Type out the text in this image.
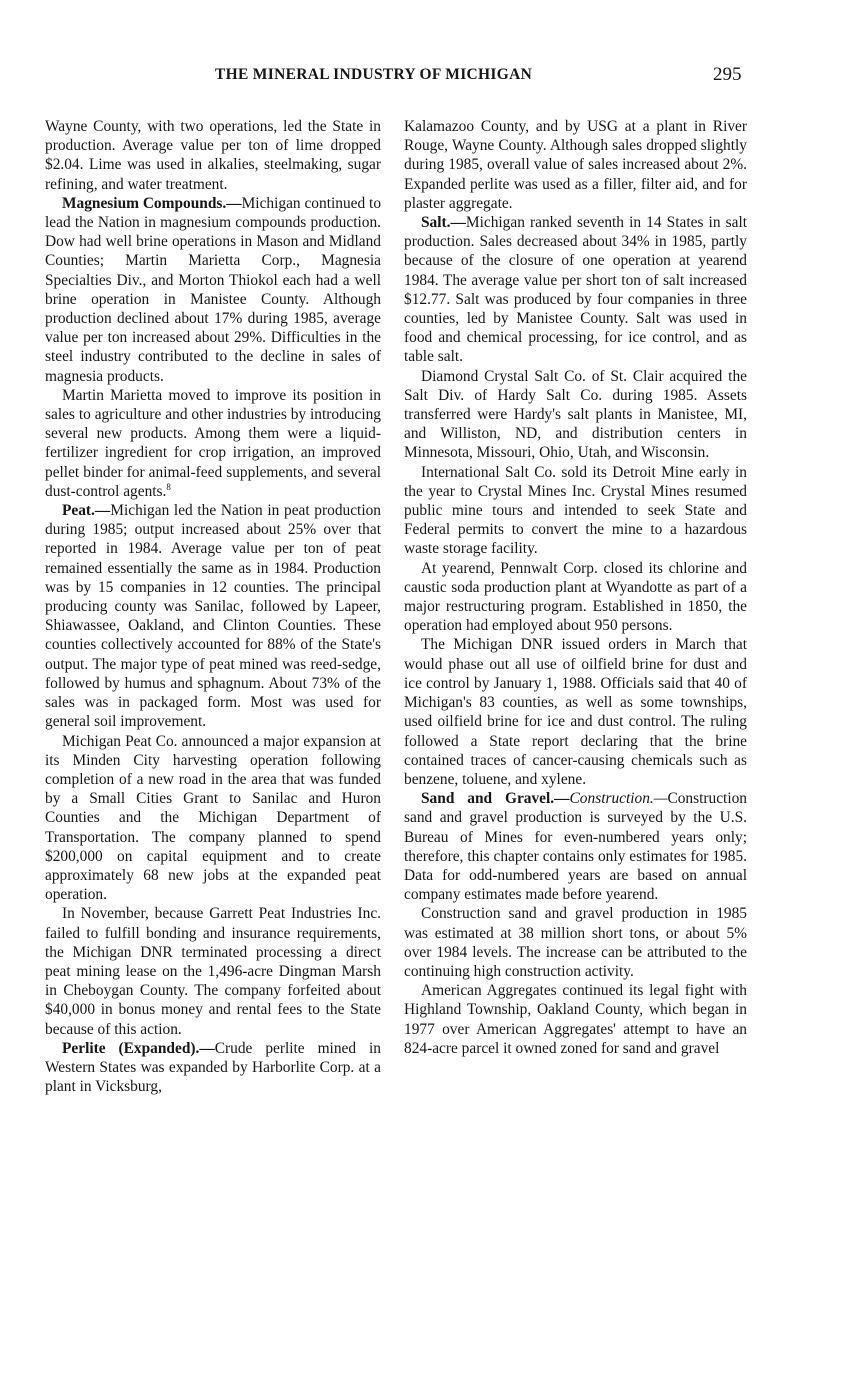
THE MINERAL INDUSTRY OF MICHIGAN	295

Wayne County, with two operations, led the State in production. Average value per ton of lime dropped $2.04. Lime was used in alkalies, steelmaking, sugar refining, and water treatment.

Magnesium Compounds.—Michigan continued to lead the Nation in magnesium compounds production. Dow had well brine operations in Mason and Midland Counties; Martin Marietta Corp., Magnesia Specialties Div., and Morton Thiokol each had a well brine operation in Manistee County. Although production declined about 17% during 1985, average value per ton increased about 29%. Difficulties in the steel industry contributed to the decline in sales of magnesia products.

Martin Marietta moved to improve its position in sales to agriculture and other industries by introducing several new products. Among them were a liquid-fertilizer ingredient for crop irrigation, an improved pellet binder for animal-feed supplements, and several dust-control agents.$^8$

Peat.—Michigan led the Nation in peat production during 1985; output increased about 25% over that reported in 1984. Average value per ton of peat remained essentially the same as in 1984. Production was by 15 companies in 12 counties. The principal producing county was Sanilac, followed by Lapeer, Shiawassee, Oakland, and Clinton Counties. These counties collectively accounted for 88% of the State's output. The major type of peat mined was reed-sedge, followed by humus and sphagnum. About 73% of the sales was in packaged form. Most was used for general soil improvement.

Michigan Peat Co. announced a major expansion at its Minden City harvesting operation following completion of a new road in the area that was funded by a Small Cities Grant to Sanilac and Huron Counties and the Michigan Department of Transportation. The company planned to spend $200,000 on capital equipment and to create approximately 68 new jobs at the expanded peat operation.

In November, because Garrett Peat Industries Inc. failed to fulfill bonding and insurance requirements, the Michigan DNR terminated processing a direct peat mining lease on the 1,496-acre Dingman Marsh in Cheboygan County. The company forfeited about $40,000 in bonus money and rental fees to the State because of this action.

Perlite (Expanded).—Crude perlite mined in Western States was expanded by Harborlite Corp. at a plant in Vicksburg,

Kalamazoo County, and by USG at a plant in River Rouge, Wayne County. Although sales dropped slightly during 1985, overall value of sales increased about 2%. Expanded perlite was used as a filler, filter aid, and for plaster aggregate.

Salt.—Michigan ranked seventh in 14 States in salt production. Sales decreased about 34% in 1985, partly because of the closure of one operation at yearend 1984. The average value per short ton of salt increased $12.77. Salt was produced by four companies in three counties, led by Manistee County. Salt was used in food and chemical processing, for ice control, and as table salt.

Diamond Crystal Salt Co. of St. Clair acquired the Salt Div. of Hardy Salt Co. during 1985. Assets transferred were Hardy's salt plants in Manistee, MI, and Williston, ND, and distribution centers in Minnesota, Missouri, Ohio, Utah, and Wisconsin.

International Salt Co. sold its Detroit Mine early in the year to Crystal Mines Inc. Crystal Mines resumed public mine tours and intended to seek State and Federal permits to convert the mine to a hazardous waste storage facility.

At yearend, Pennwalt Corp. closed its chlorine and caustic soda production plant at Wyandotte as part of a major restructuring program. Established in 1850, the operation had employed about 950 persons.

The Michigan DNR issued orders in March that would phase out all use of oilfield brine for dust and ice control by January 1, 1988. Officials said that 40 of Michigan's 83 counties, as well as some townships, used oilfield brine for ice and dust control. The ruling followed a State report declaring that the brine contained traces of cancer-causing chemicals such as benzene, toluene, and xylene.

Sand and Gravel.—Construction.—Construction sand and gravel production is surveyed by the U.S. Bureau of Mines for even-numbered years only; therefore, this chapter contains only estimates for 1985. Data for odd-numbered years are based on annual company estimates made before yearend.

Construction sand and gravel production in 1985 was estimated at 38 million short tons, or about 5% over 1984 levels. The increase can be attributed to the continuing high construction activity.

American Aggregates continued its legal fight with Highland Township, Oakland County, which began in 1977 over American Aggregates' attempt to have an 824-acre parcel it owned zoned for sand and gravel
